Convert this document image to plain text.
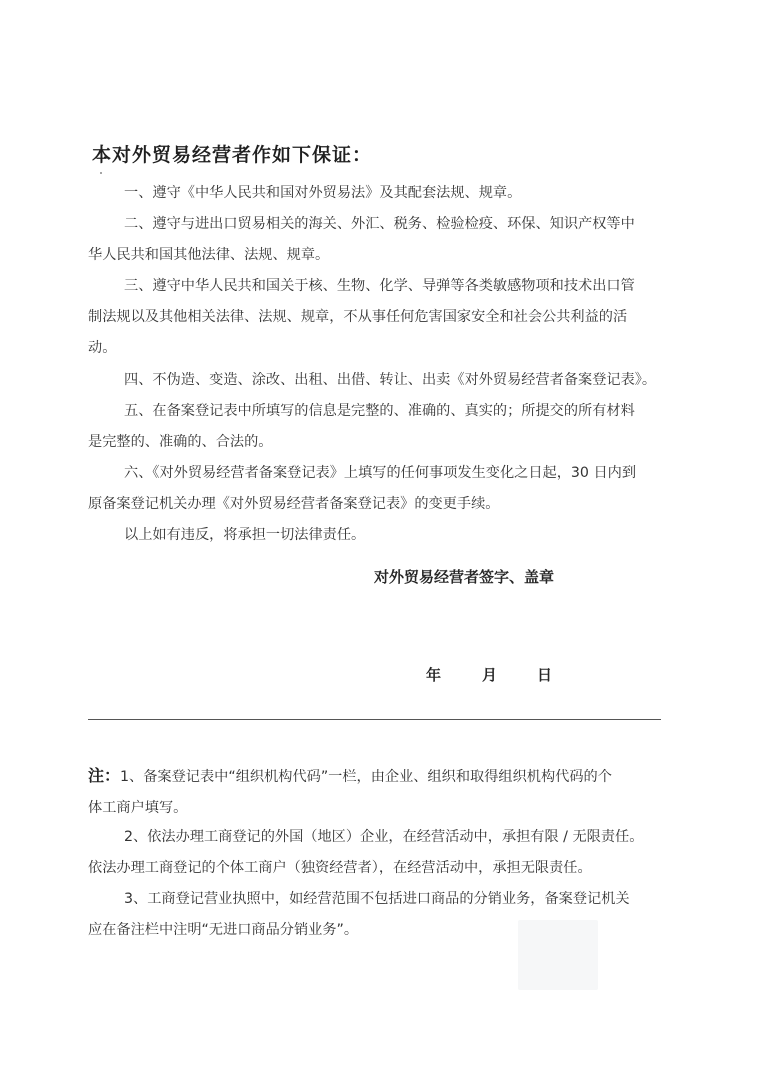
本对外贸易经营者作如下保证：
一、遵守《中华人民共和国对外贸易法》及其配套法规、规章。
二、遵守与进出口贸易相关的海关、外汇、税务、检验检疫、环保、知识产权等中
华人民共和国其他法律、法规、规章。
三、遵守中华人民共和国关于核、生物、化学、导弹等各类敏感物项和技术出口管
制法规以及其他相关法律、法规、规章，不从事任何危害国家安全和社会公共利益的活
动。
四、不伪造、变造、涂改、出租、出借、转让、出卖《对外贸易经营者备案登记表》。
五、在备案登记表中所填写的信息是完整的、准确的、真实的；所提交的所有材料
是完整的、准确的、合法的。
六、《对外贸易经营者备案登记表》上填写的任何事项发生变化之日起，30 日内到
原备案登记机关办理《对外贸易经营者备案登记表》的变更手续。
以上如有违反，将承担一切法律责任。
对外贸易经营者签字、盖章
年	月	日
注：1、备案登记表中“组织机构代码”一栏，由企业、组织和取得组织机构代码的个
体工商户填写。
2、依法办理工商登记的外国（地区）企业，在经营活动中，承担有限 / 无限责任。
依法办理工商登记的个体工商户（独资经营者），在经营活动中，承担无限责任。
3、工商登记营业执照中，如经营范围不包括进口商品的分销业务，备案登记机关
应在备注栏中注明“无进口商品分销业务”。
